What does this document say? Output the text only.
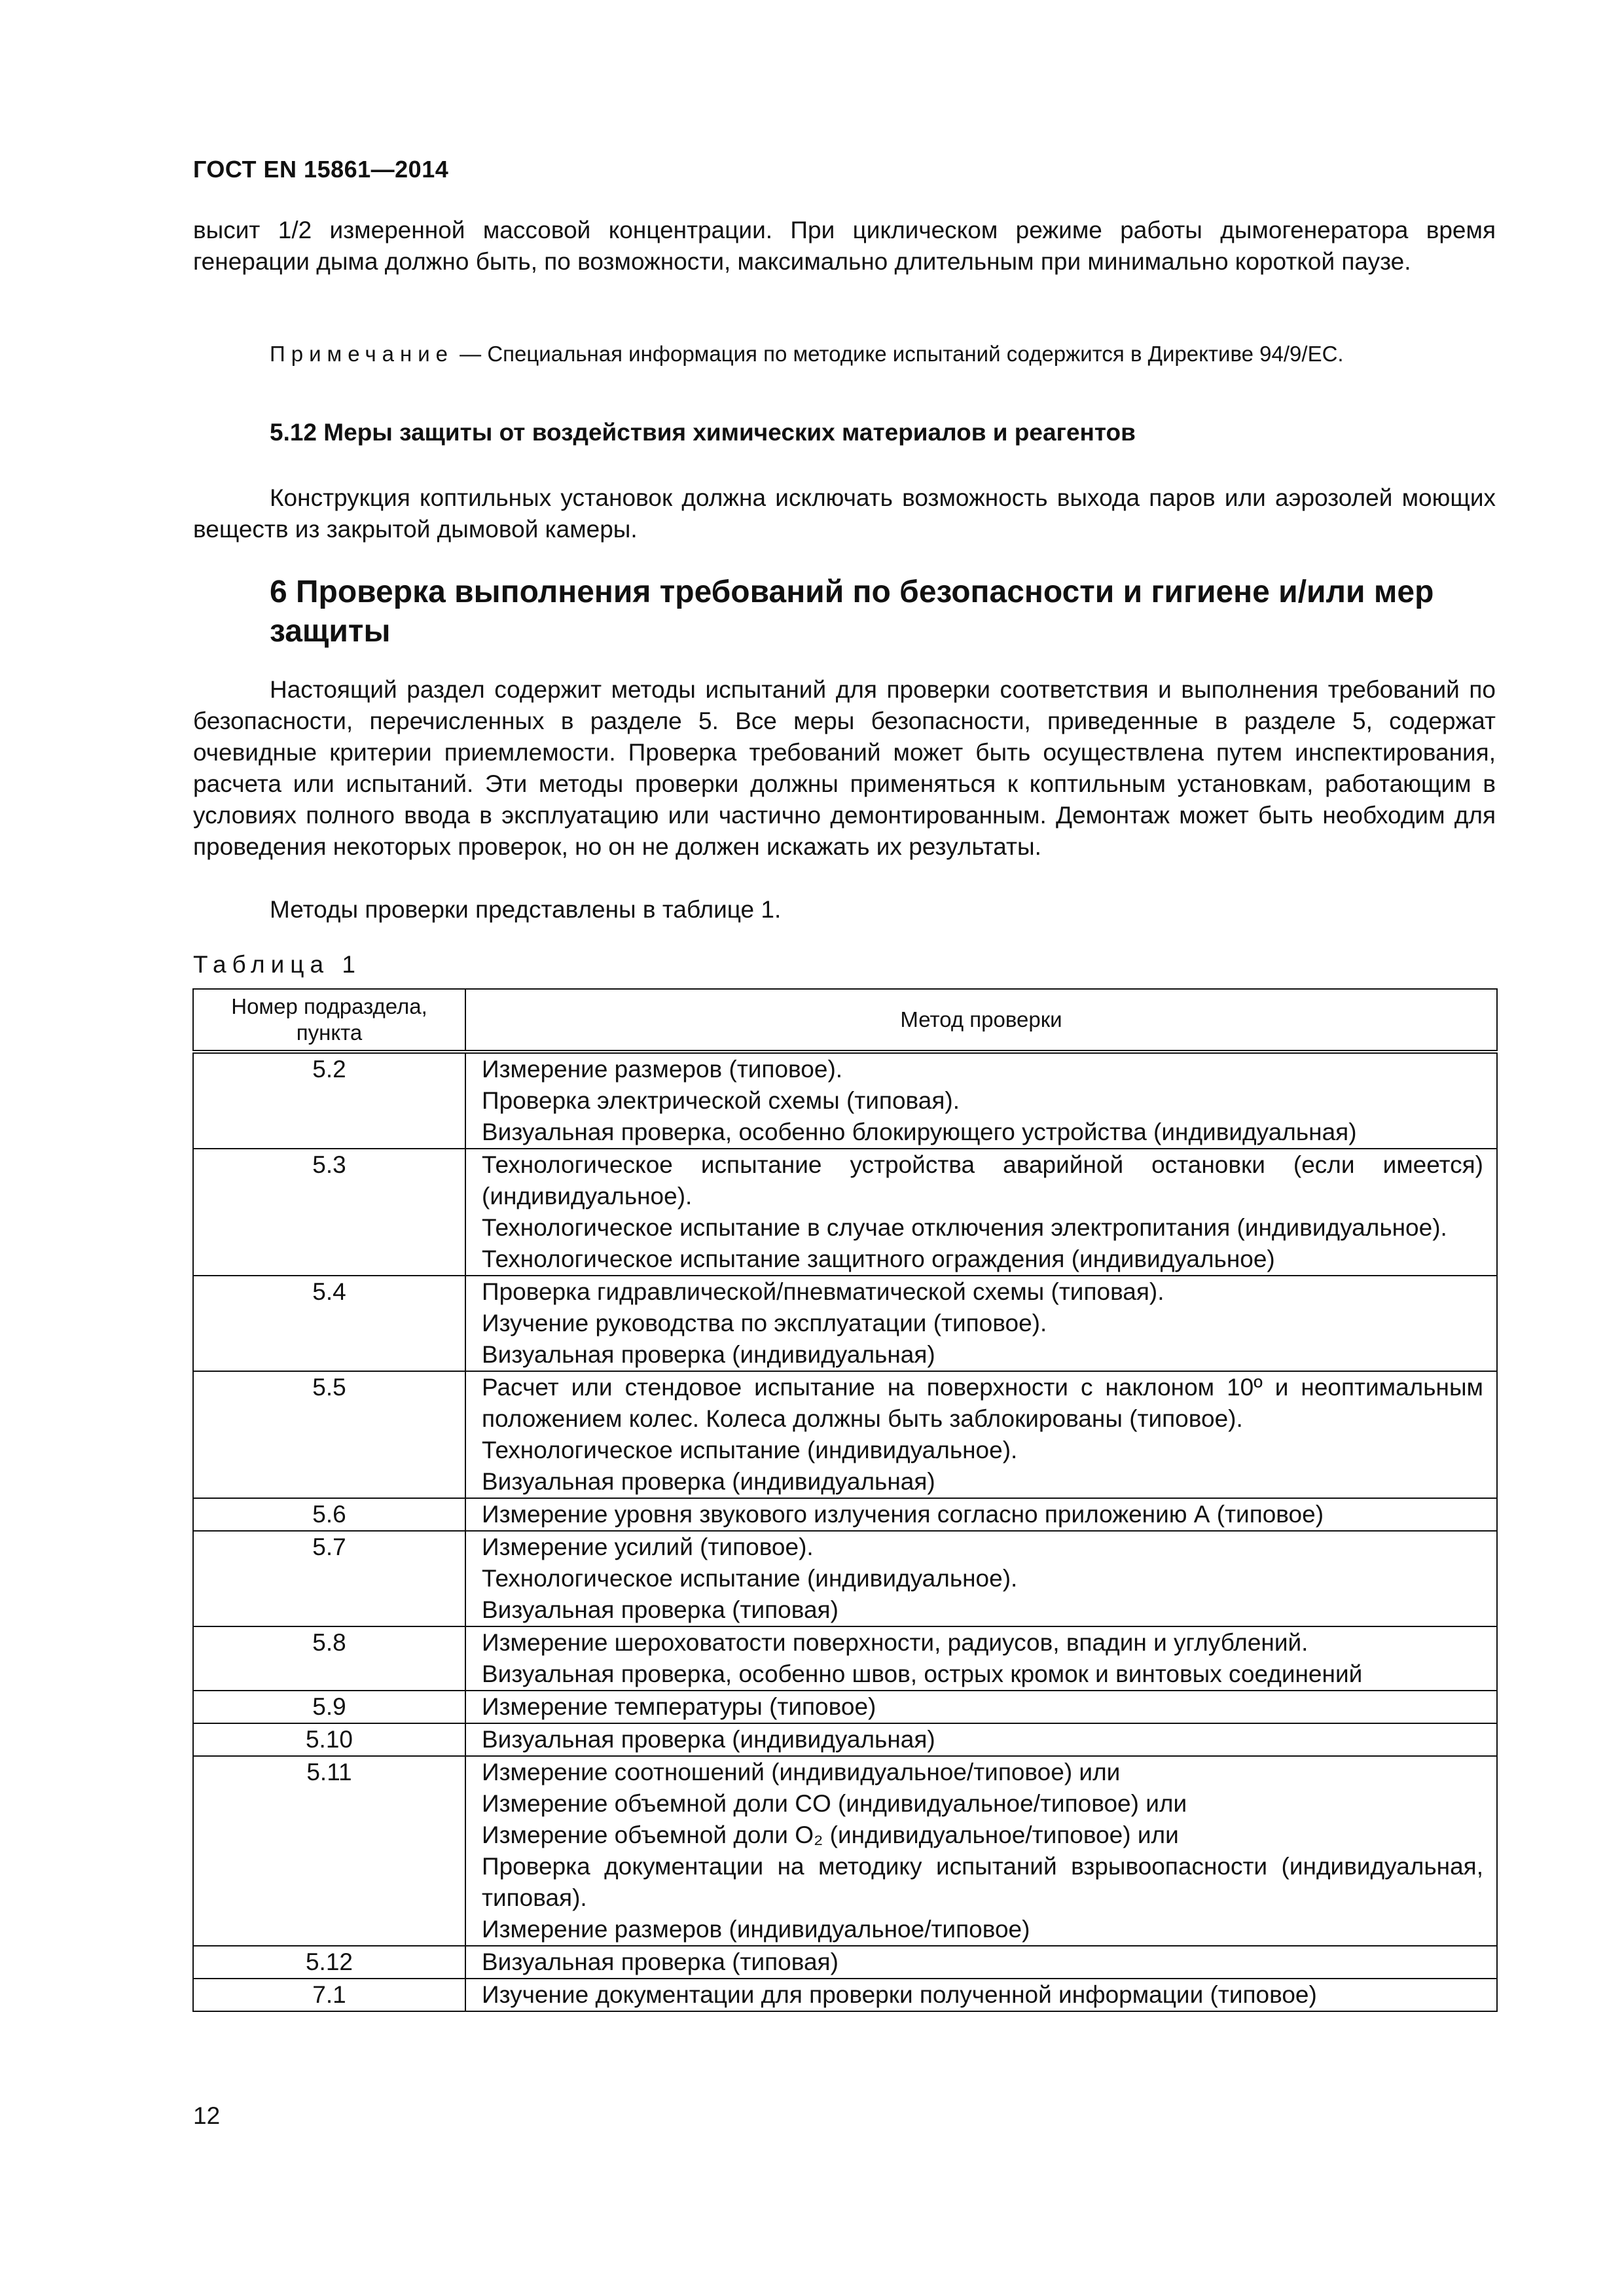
ГОСТ EN 15861—2014
высит 1/2 измеренной массовой концентрации. При циклическом режиме работы дымогенератора время генерации дыма должно быть, по возможности, максимально длительным при минимально короткой паузе.
Примечание — Специальная информация по методике испытаний содержится в Директиве 94/9/ЕС.
5.12 Меры защиты от воздействия химических материалов и реагентов
Конструкция коптильных установок должна исключать возможность выхода паров или аэрозолей моющих веществ из закрытой дымовой камеры.
6 Проверка выполнения требований по безопасности и гигиене и/или мер защиты
Настоящий раздел содержит методы испытаний для проверки соответствия и выполнения требований по безопасности, перечисленных в разделе 5. Все меры безопасности, приведенные в разделе 5, содержат очевидные критерии приемлемости. Проверка требований может быть осуществлена путем инспектирования, расчета или испытаний. Эти методы проверки должны применяться к коптильным установкам, работающим в условиях полного ввода в эксплуатацию или частично демонтированным. Демонтаж может быть необходим для проведения некоторых проверок, но он не должен искажать их результаты.
Методы проверки представлены в таблице 1.
Таблица 1
Номер подраздела, пункта	Метод проверки
5.2	Измерение размеров (типовое).
Проверка электрической схемы (типовая).
Визуальная проверка, особенно блокирующего устройства (индивидуальная)

5.3	Технологическое испытание устройства аварийной остановки (если имеется) (индивидуальное).
Технологическое испытание в случае отключения электропитания (индивидуальное).
Технологическое испытание защитного ограждения (индивидуальное)

5.4	Проверка гидравлической/пневматической схемы (типовая).
Изучение руководства по эксплуатации (типовое).
Визуальная проверка (индивидуальная)

5.5	Расчет или стендовое испытание на поверхности с наклоном 10º и неоптимальным положением колес. Колеса должны быть заблокированы (типовое).
Технологическое испытание (индивидуальное).
Визуальная проверка (индивидуальная)

5.6	Измерение уровня звукового излучения согласно приложению А (типовое)

5.7	Измерение усилий (типовое).
Технологическое испытание (индивидуальное).
Визуальная проверка (типовая)

5.8	Измерение шероховатости поверхности, радиусов, впадин и углублений.
Визуальная проверка, особенно швов, острых кромок и винтовых соединений

5.9	Измерение температуры (типовое)

5.10	Визуальная проверка (индивидуальная)

5.11	Измерение соотношений (индивидуальное/типовое) или
Измерение объемной доли CO (индивидуальное/типовое) или
Измерение объемной доли O₂ (индивидуальное/типовое) или
Проверка документации на методику испытаний взрывоопасности (индивидуальная, типовая).
Измерение размеров (индивидуальное/типовое)

5.12	Визуальная проверка (типовая)

7.1	Изучение документации для проверки полученной информации (типовое)
12
